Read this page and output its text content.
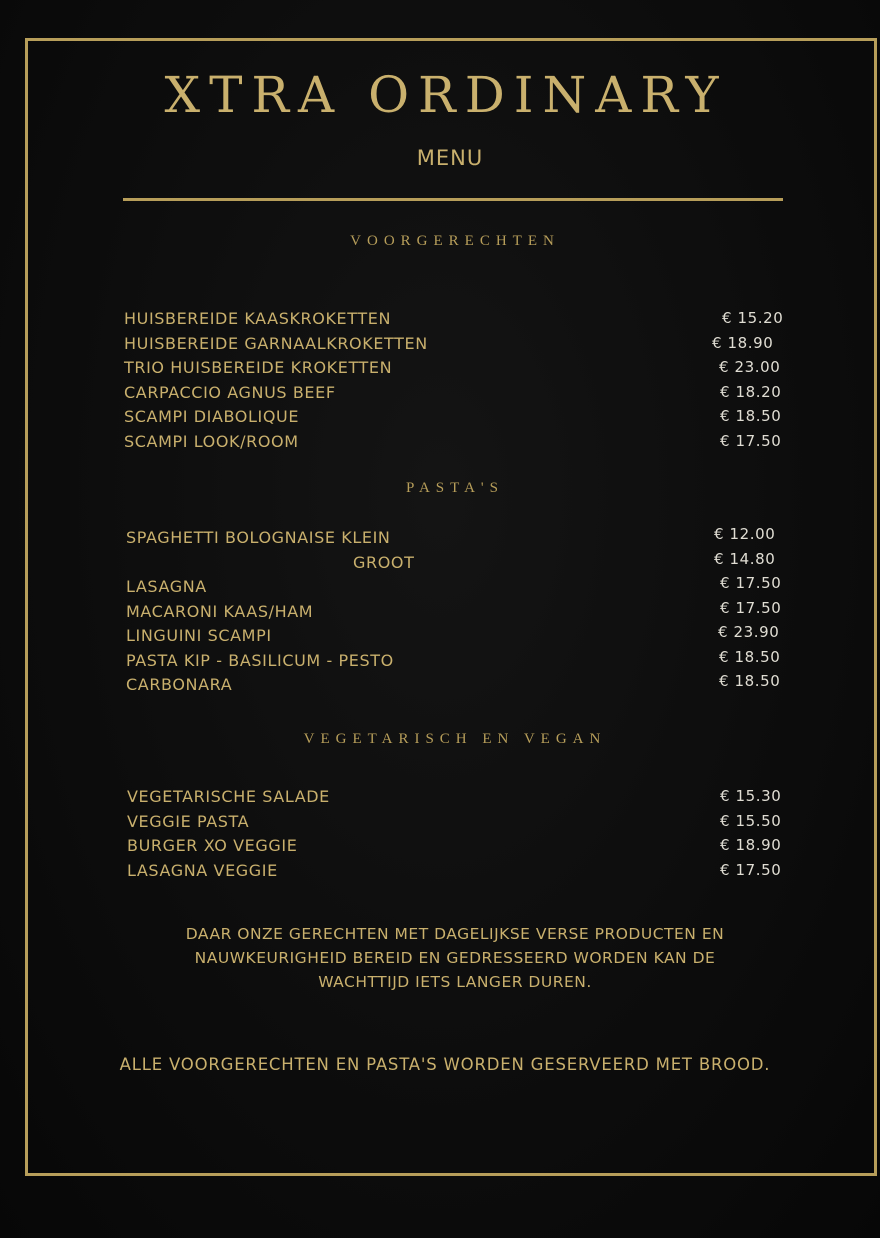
XTRA ORDINARY
MENU
VOORGERECHTEN
HUISBEREIDE KAASKROKETTEN	€ 15.20
HUISBEREIDE GARNAALKROKETTEN	€ 18.90
TRIO HUISBEREIDE KROKETTEN	€ 23.00
CARPACCIO AGNUS BEEF	€ 18.20
SCAMPI DIABOLIQUE	€ 18.50
SCAMPI LOOK/ROOM	€ 17.50
PASTA'S
SPAGHETTI BOLOGNAISE KLEIN	€ 12.00
GROOT	€ 14.80
LASAGNA	€ 17.50
MACARONI KAAS/HAM	€ 17.50
LINGUINI SCAMPI	€ 23.90
PASTA KIP - BASILICUM - PESTO	€ 18.50
CARBONARA	€ 18.50
VEGETARISCH EN VEGAN
VEGETARISCHE SALADE	€ 15.30
VEGGIE PASTA	€ 15.50
BURGER XO VEGGIE	€ 18.90
LASAGNA VEGGIE	€ 17.50
DAAR ONZE GERECHTEN MET DAGELIJKSE VERSE PRODUCTEN EN NAUWKEURIGHEID BEREID EN GEDRESSEERD WORDEN KAN DE WACHTTIJD IETS LANGER DUREN.
ALLE VOORGERECHTEN EN PASTA'S WORDEN GESERVEERD MET BROOD.
